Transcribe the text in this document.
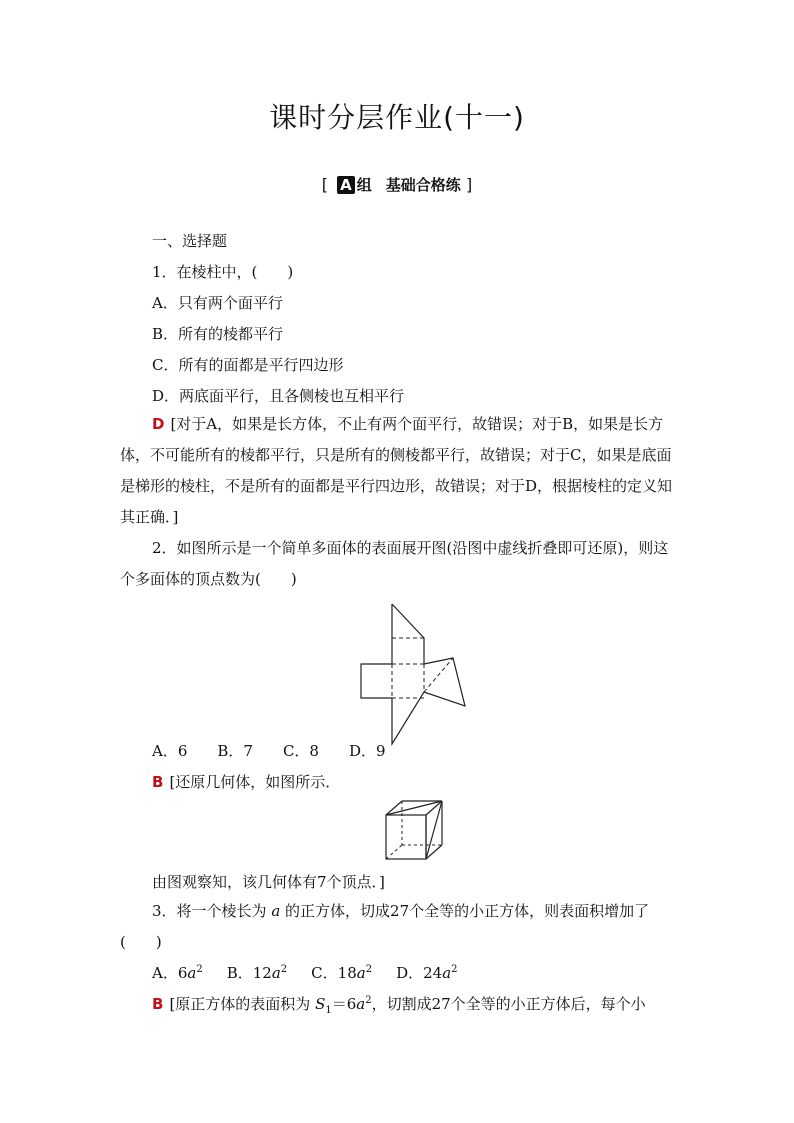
课时分层作业(十一)
[ A 组 基础合格练 ]
一、选择题
1．在棱柱中，(　　)
A．只有两个面平行
B．所有的棱都平行
C．所有的面都是平行四边形
D．两底面平行，且各侧棱也互相平行
D [对于A，如果是长方体，不止有两个面平行，故错误；对于B，如果是长方体，不可能所有的棱都平行，只是所有的侧棱都平行，故错误；对于C，如果是底面是梯形的棱柱，不是所有的面都是平行四边形，故错误；对于D，根据棱柱的定义知其正确．]
2．如图所示是一个简单多面体的表面展开图(沿图中虚线折叠即可还原)，则这个多面体的顶点数为(　　)
A．6　　B．7　　C．8　　D．9
B [还原几何体，如图所示．
由图观察知，该几何体有7个顶点．]
3．将一个棱长为 a 的正方体，切成27个全等的小正方体，则表面积增加了(　　)
A．$6a^2$ B．$12a^2$ C．$18a^2$ D．$24a^2$
B [原正方体的表面积为 $S_1=6a^2$，切割成27个全等的小正方体后，每个小
